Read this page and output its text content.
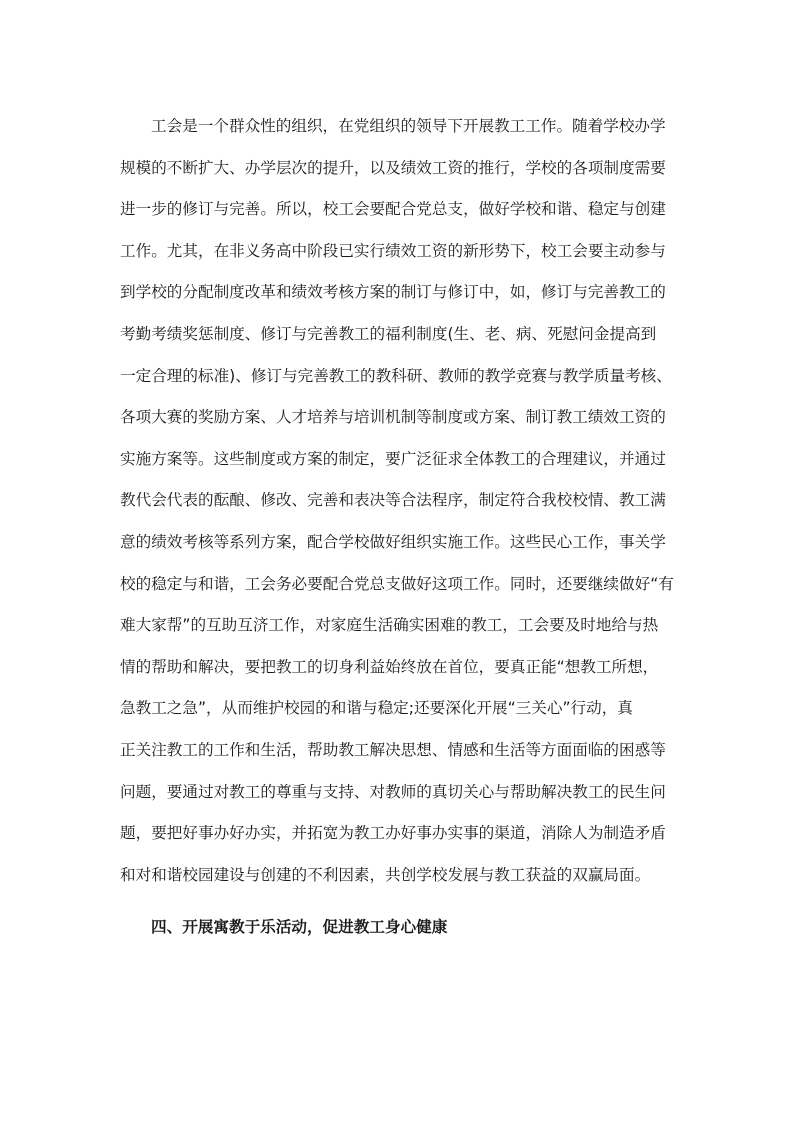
工会是一个群众性的组织，在党组织的领导下开展教工工作。随着学校办学
规模的不断扩大、办学层次的提升，以及绩效工资的推行，学校的各项制度需要
进一步的修订与完善。所以，校工会要配合党总支，做好学校和谐、稳定与创建
工作。尤其，在非义务高中阶段已实行绩效工资的新形势下，校工会要主动参与
到学校的分配制度改革和绩效考核方案的制订与修订中，如，修订与完善教工的
考勤考绩奖惩制度、修订与完善教工的福利制度(生、老、病、死慰问金提高到
一定合理的标准)、修订与完善教工的教科研、教师的教学竞赛与教学质量考核、
各项大赛的奖励方案、人才培养与培训机制等制度或方案、制订教工绩效工资的
实施方案等。这些制度或方案的制定，要广泛征求全体教工的合理建议，并通过
教代会代表的酝酿、修改、完善和表决等合法程序，制定符合我校校情、教工满
意的绩效考核等系列方案，配合学校做好组织实施工作。这些民心工作，事关学
校的稳定与和谐，工会务必要配合党总支做好这项工作。同时，还要继续做好“有
难大家帮”的互助互济工作，对家庭生活确实困难的教工，工会要及时地给与热
情的帮助和解决，要把教工的切身利益始终放在首位，要真正能“想教工所想，
急教工之急”，从而维护校园的和谐与稳定;还要深化开展“三关心”行动，真
正关注教工的工作和生活，帮助教工解决思想、情感和生活等方面面临的困惑等
问题，要通过对教工的尊重与支持、对教师的真切关心与帮助解决教工的民生问
题，要把好事办好办实，并拓宽为教工办好事办实事的渠道，消除人为制造矛盾
和对和谐校园建设与创建的不利因素，共创学校发展与教工获益的双赢局面。

四、开展寓教于乐活动，促进教工身心健康
